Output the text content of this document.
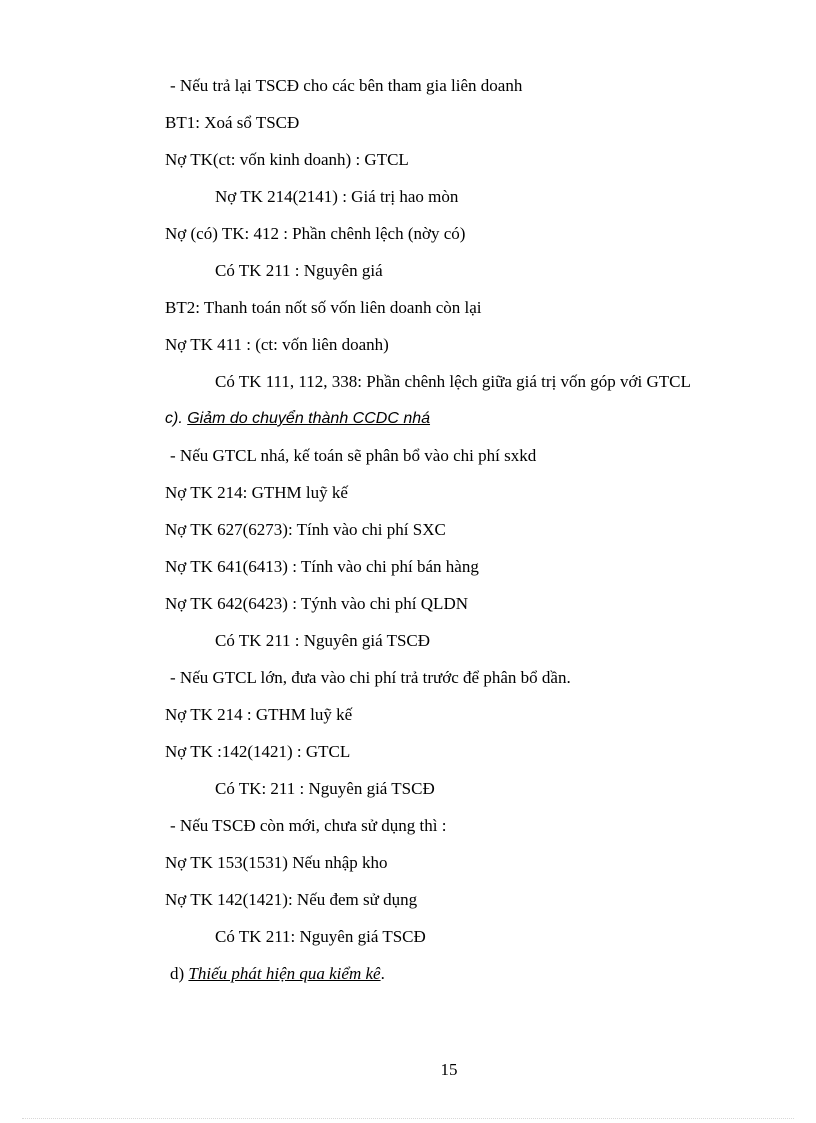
- Nếu trả lại TSCĐ cho các bên tham gia liên doanh
BT1: Xoá sổ TSCĐ
Nợ TK(ct: vốn kinh doanh) : GTCL
Nợ TK 214(2141) : Giá trị hao mòn
Nợ (có) TK: 412 : Phần chênh lệch (nờy có)
Có TK 211 : Nguyên giá
BT2: Thanh toán nốt số vốn liên doanh còn lại
Nợ TK 411 : (ct: vốn liên doanh)
Có TK 111, 112, 338: Phần chênh lệch giữa giá trị vốn góp với GTCL
c). Giảm do chuyển thành CCDC nhá
- Nếu GTCL nhá, kế toán sẽ phân bổ vào chi phí sxkd
Nợ TK 214: GTHM luỹ kế
Nợ TK 627(6273): Tính vào chi phí SXC
Nợ TK 641(6413) : Tính vào chi phí bán hàng
Nợ TK 642(6423) : Týnh vào chi phí QLDN
Có TK 211 : Nguyên giá TSCĐ
- Nếu GTCL lớn, đưa vào chi phí trả trước để phân bổ dần.
Nợ TK 214 : GTHM luỹ kế
Nợ TK :142(1421) : GTCL
Có TK: 211 : Nguyên giá TSCĐ
- Nếu TSCĐ còn mới, chưa sử dụng thì :
Nợ TK 153(1531) Nếu nhập kho
Nợ TK 142(1421): Nếu đem sử dụng
Có TK 211: Nguyên giá TSCĐ
d) Thiếu phát hiện qua kiểm kê.
15
